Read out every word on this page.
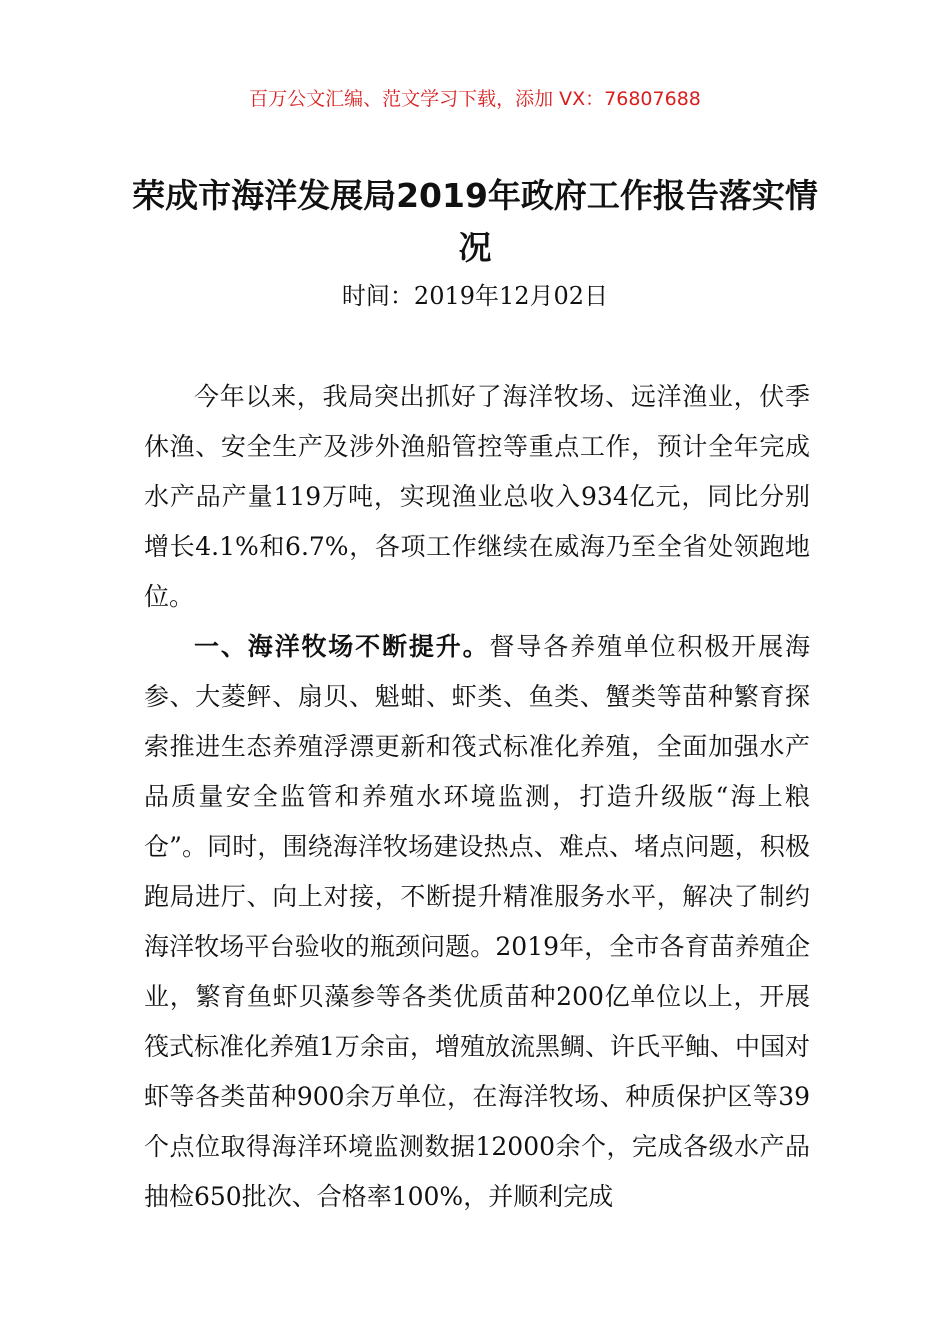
百万公文汇编、范文学习下载，添加 VX：76807688
荣成市海洋发展局2019年政府工作报告落实情况
时间：2019年12月02日

今年以来，我局突出抓好了海洋牧场、远洋渔业，伏季休渔、安全生产及涉外渔船管控等重点工作，预计全年完成水产品产量119万吨，实现渔业总收入934亿元，同比分别增长4.1%和6.7%，各项工作继续在威海乃至全省处领跑地位。

一、海洋牧场不断提升。督导各养殖单位积极开展海参、大菱鲆、扇贝、魁蚶、虾类、鱼类、蟹类等苗种繁育探索推进生态养殖浮漂更新和筏式标准化养殖，全面加强水产品质量安全监管和养殖水环境监测，打造升级版“海上粮仓”。同时，围绕海洋牧场建设热点、难点、堵点问题，积极跑局进厅、向上对接，不断提升精准服务水平，解决了制约海洋牧场平台验收的瓶颈问题。2019年，全市各育苗养殖企业，繁育鱼虾贝藻参等各类优质苗种200亿单位以上，开展筏式标准化养殖1万余亩，增殖放流黑鲷、许氏平鲉、中国对虾等各类苗种900余万单位，在海洋牧场、种质保护区等39个点位取得海洋环境监测数据12000余个，完成各级水产品抽检650批次、合格率100%，并顺利完成
